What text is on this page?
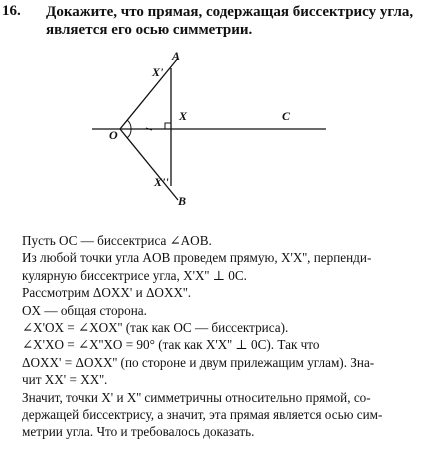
16. Докажите, что прямая, содержащая биссектрису угла, является его осью симметрии.
A
X'
X	C
O
X''
B

Пусть OC — биссектриса ∠AOB.

Из любой точки угла AOB проведем прямую, X'X'', перпенди-

кулярную биссектрисе угла, X'X'' ⊥ 0C.

Рассмотрим ΔOXX' и ΔOXX''.

OX — общая сторона.

∠X'OX = ∠XOX'' (так как OC — биссектриса).

∠X'XO = ∠X''XO = 90° (так как X'X'' ⊥ 0C). Так что

ΔOXX' = ΔOXX'' (по стороне и двум прилежащим углам). Зна-

чит XX' = XX''.

Значит, точки X' и X'' симметричны относительно прямой, со-

держащей биссектрису, а значит, эта прямая является осью сим-

метрии угла. Что и требовалось доказать.
